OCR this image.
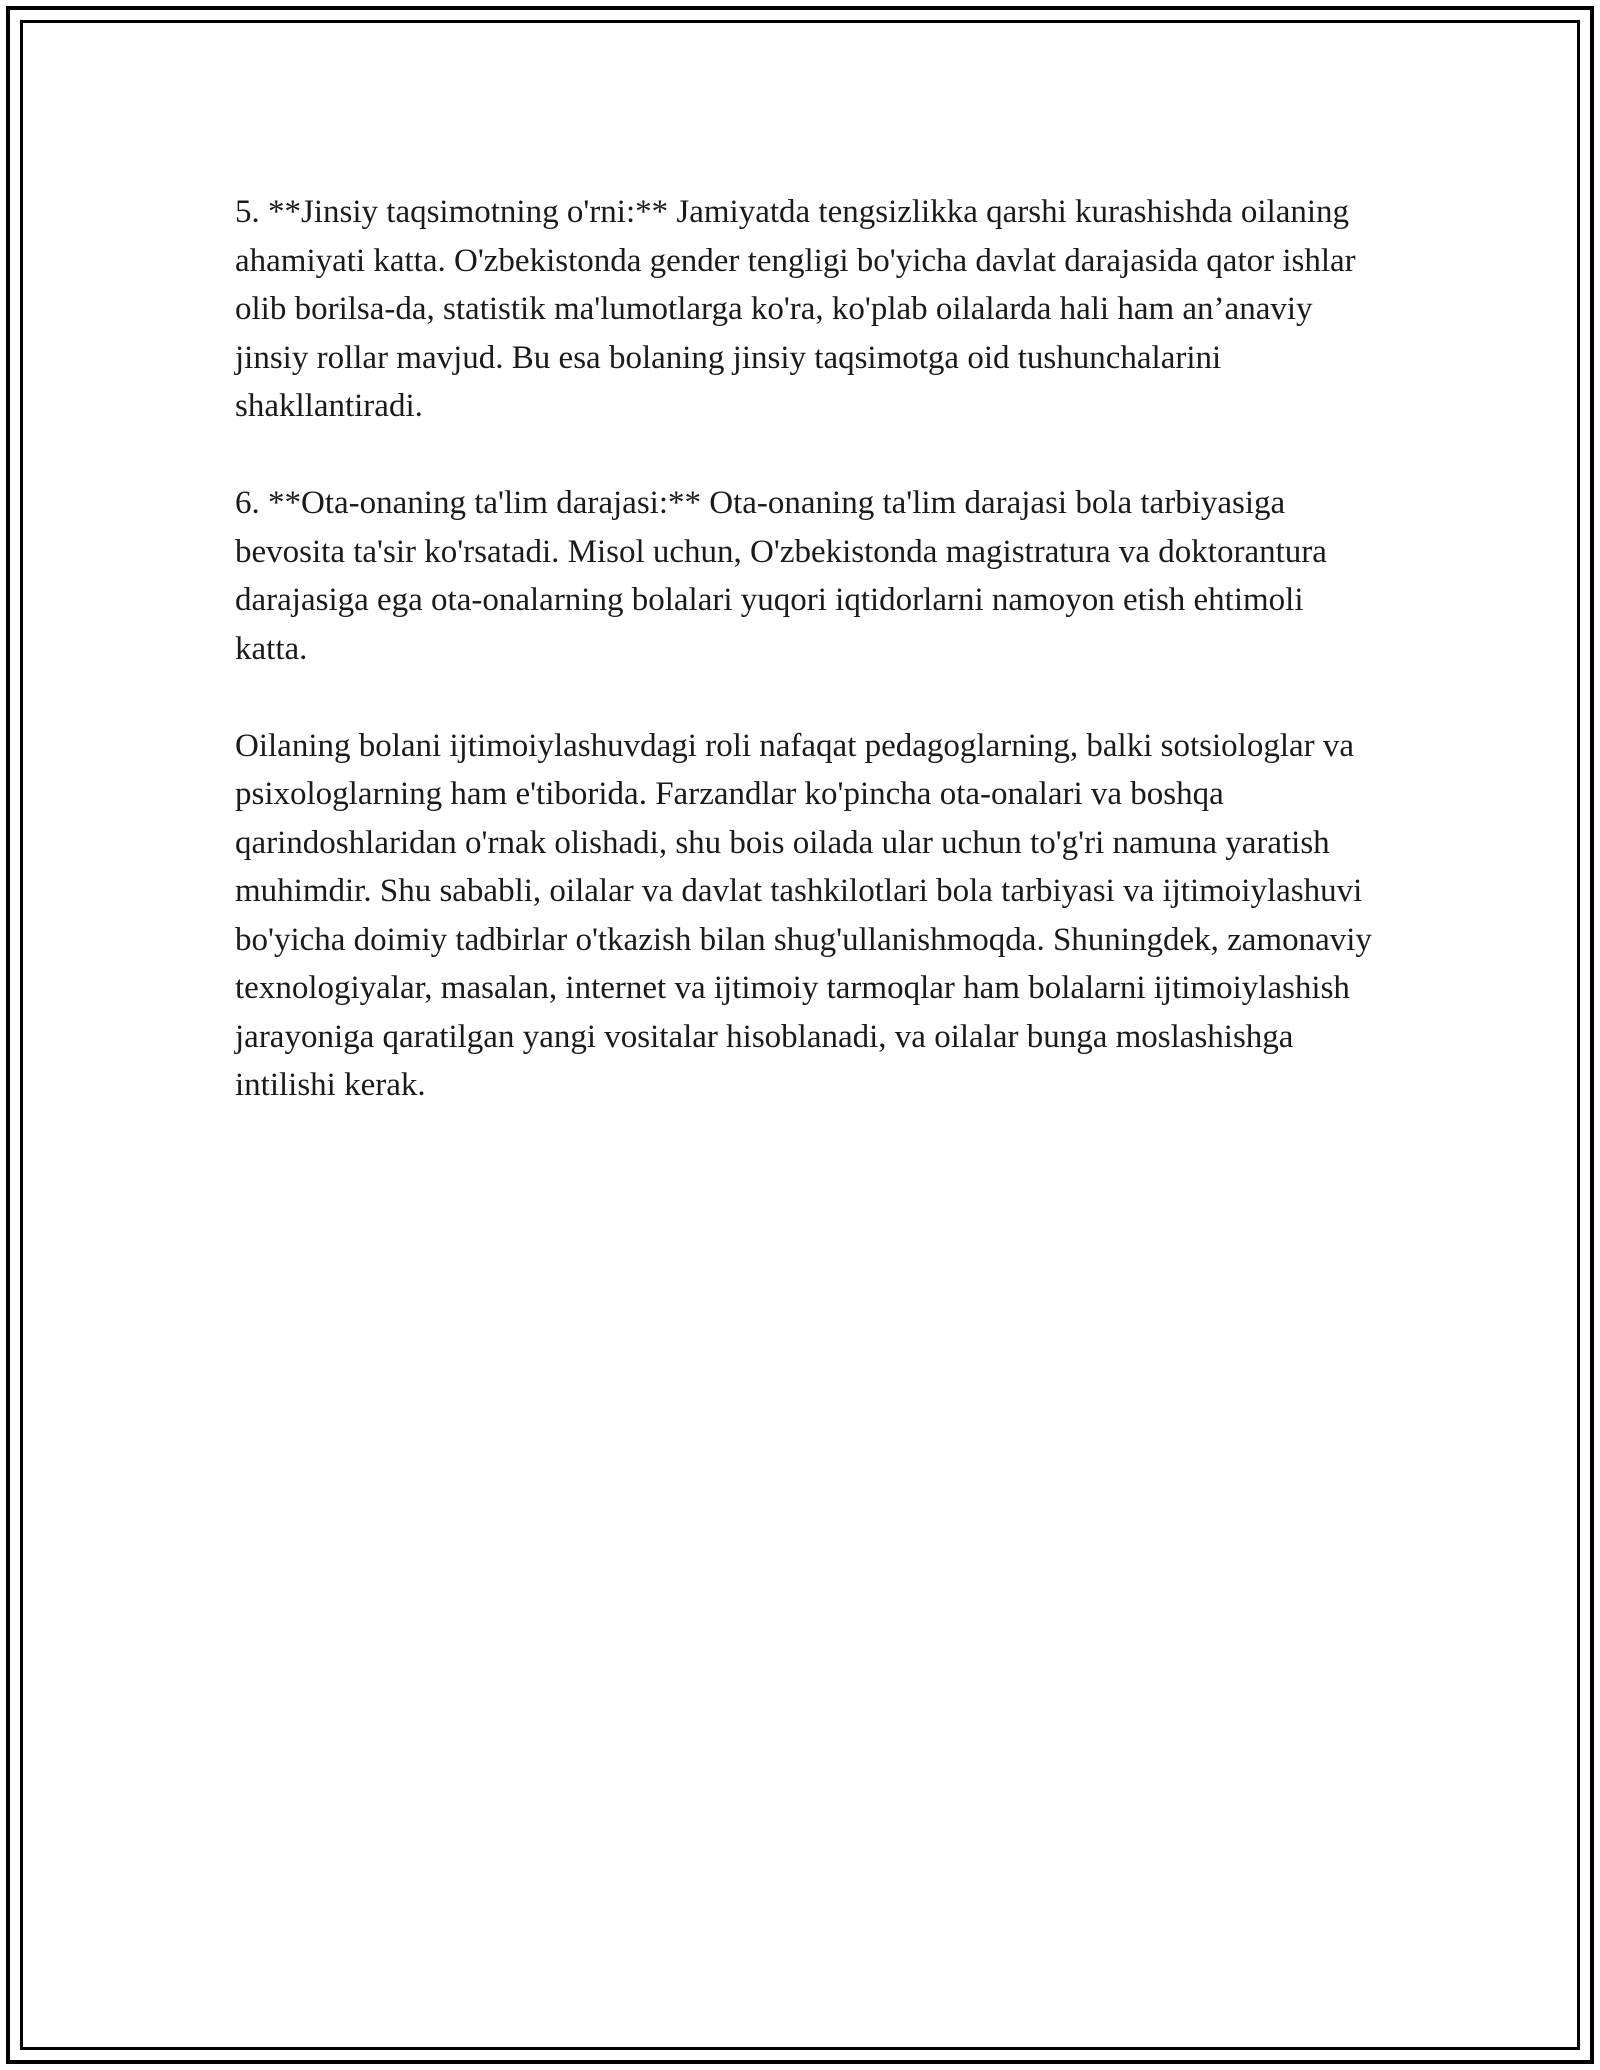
5. **Jinsiy taqsimotning o'rni:** Jamiyatda tengsizlikka qarshi kurashishda oilaning ahamiyati katta. O'zbekistonda gender tengligi bo'yicha davlat darajasida qator ishlar olib borilsa-da, statistik ma'lumotlarga ko'ra, ko'plab oilalarda hali ham an’anaviy jinsiy rollar mavjud. Bu esa bolaning jinsiy taqsimotga oid tushunchalarini shakllantiradi.

6. **Ota-onaning ta'lim darajasi:** Ota-onaning ta'lim darajasi bola tarbiyasiga bevosita ta'sir ko'rsatadi. Misol uchun, O'zbekistonda magistratura va doktorantura darajasiga ega ota-onalarning bolalari yuqori iqtidorlarni namoyon etish ehtimoli katta.

Oilaning bolani ijtimoiylashuvdagi roli nafaqat pedagoglarning, balki sotsiologlar va psixologlarning ham e'tiborida. Farzandlar ko'pincha ota-onalari va boshqa qarindoshlaridan o'rnak olishadi, shu bois oilada ular uchun to'g'ri namuna yaratish muhimdir. Shu sababli, oilalar va davlat tashkilotlari bola tarbiyasi va ijtimoiylashuvi bo'yicha doimiy tadbirlar o'tkazish bilan shug'ullanishmoqda. Shuningdek, zamonaviy texnologiyalar, masalan, internet va ijtimoiy tarmoqlar ham bolalarni ijtimoiylashish jarayoniga qaratilgan yangi vositalar hisoblanadi, va oilalar bunga moslashishga intilishi kerak.
